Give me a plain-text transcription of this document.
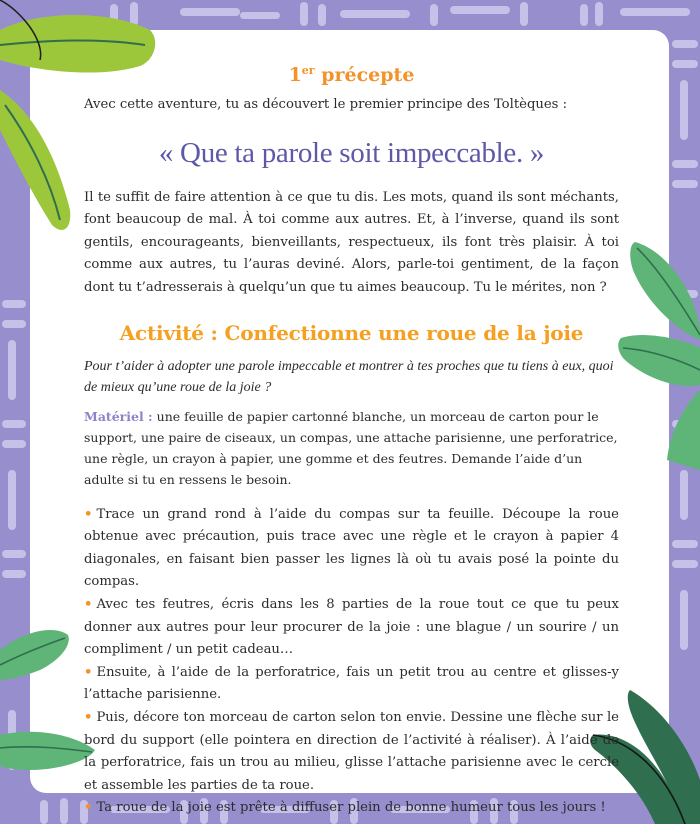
1er précepte

Avec cette aventure, tu as découvert le premier principe des Toltèques :

« Que ta parole soit impeccable. »

Il te suffit de faire attention à ce que tu dis. Les mots, quand ils sont méchants, font beaucoup de mal. À toi comme aux autres. Et, à l’inverse, quand ils sont gentils, encourageants, bienveillants, respectueux, ils font très plaisir. À toi comme aux autres, tu l’auras deviné. Alors, parle-toi gentiment, de la façon dont tu t’adresserais à quelqu’un que tu aimes beaucoup. Tu le mérites, non ?

Activité : Confectionne une roue de la joie

Pour t’aider à adopter une parole impeccable et montrer à tes proches que tu tiens à eux, quoi de mieux qu’une roue de la joie ?

Matériel : une feuille de papier cartonné blanche, un morceau de carton pour le support, une paire de ciseaux, un compas, une attache parisienne, une perforatrice, une règle, un crayon à papier, une gomme et des feutres. Demande l’aide d’un adulte si tu en ressens le besoin.

• Trace un grand rond à l’aide du compas sur ta feuille. Découpe la roue obtenue avec précaution, puis trace avec une règle et le crayon à papier 4 diagonales, en faisant bien passer les lignes là où tu avais posé la pointe du compas.
• Avec tes feutres, écris dans les 8 parties de la roue tout ce que tu peux donner aux autres pour leur procurer de la joie : une blague / un sourire / un compliment / un petit cadeau…
• Ensuite, à l’aide de la perforatrice, fais un petit trou au centre et glisses-y l’attache parisienne.
• Puis, décore ton morceau de carton selon ton envie. Dessine une flèche sur le bord du support (elle pointera en direction de l’activité à réaliser). À l’aide de la perforatrice, fais un trou au milieu, glisse l’attache parisienne avec le cercle et assemble les parties de ta roue.
• Ta roue de la joie est prête à diffuser plein de bonne humeur tous les jours !
